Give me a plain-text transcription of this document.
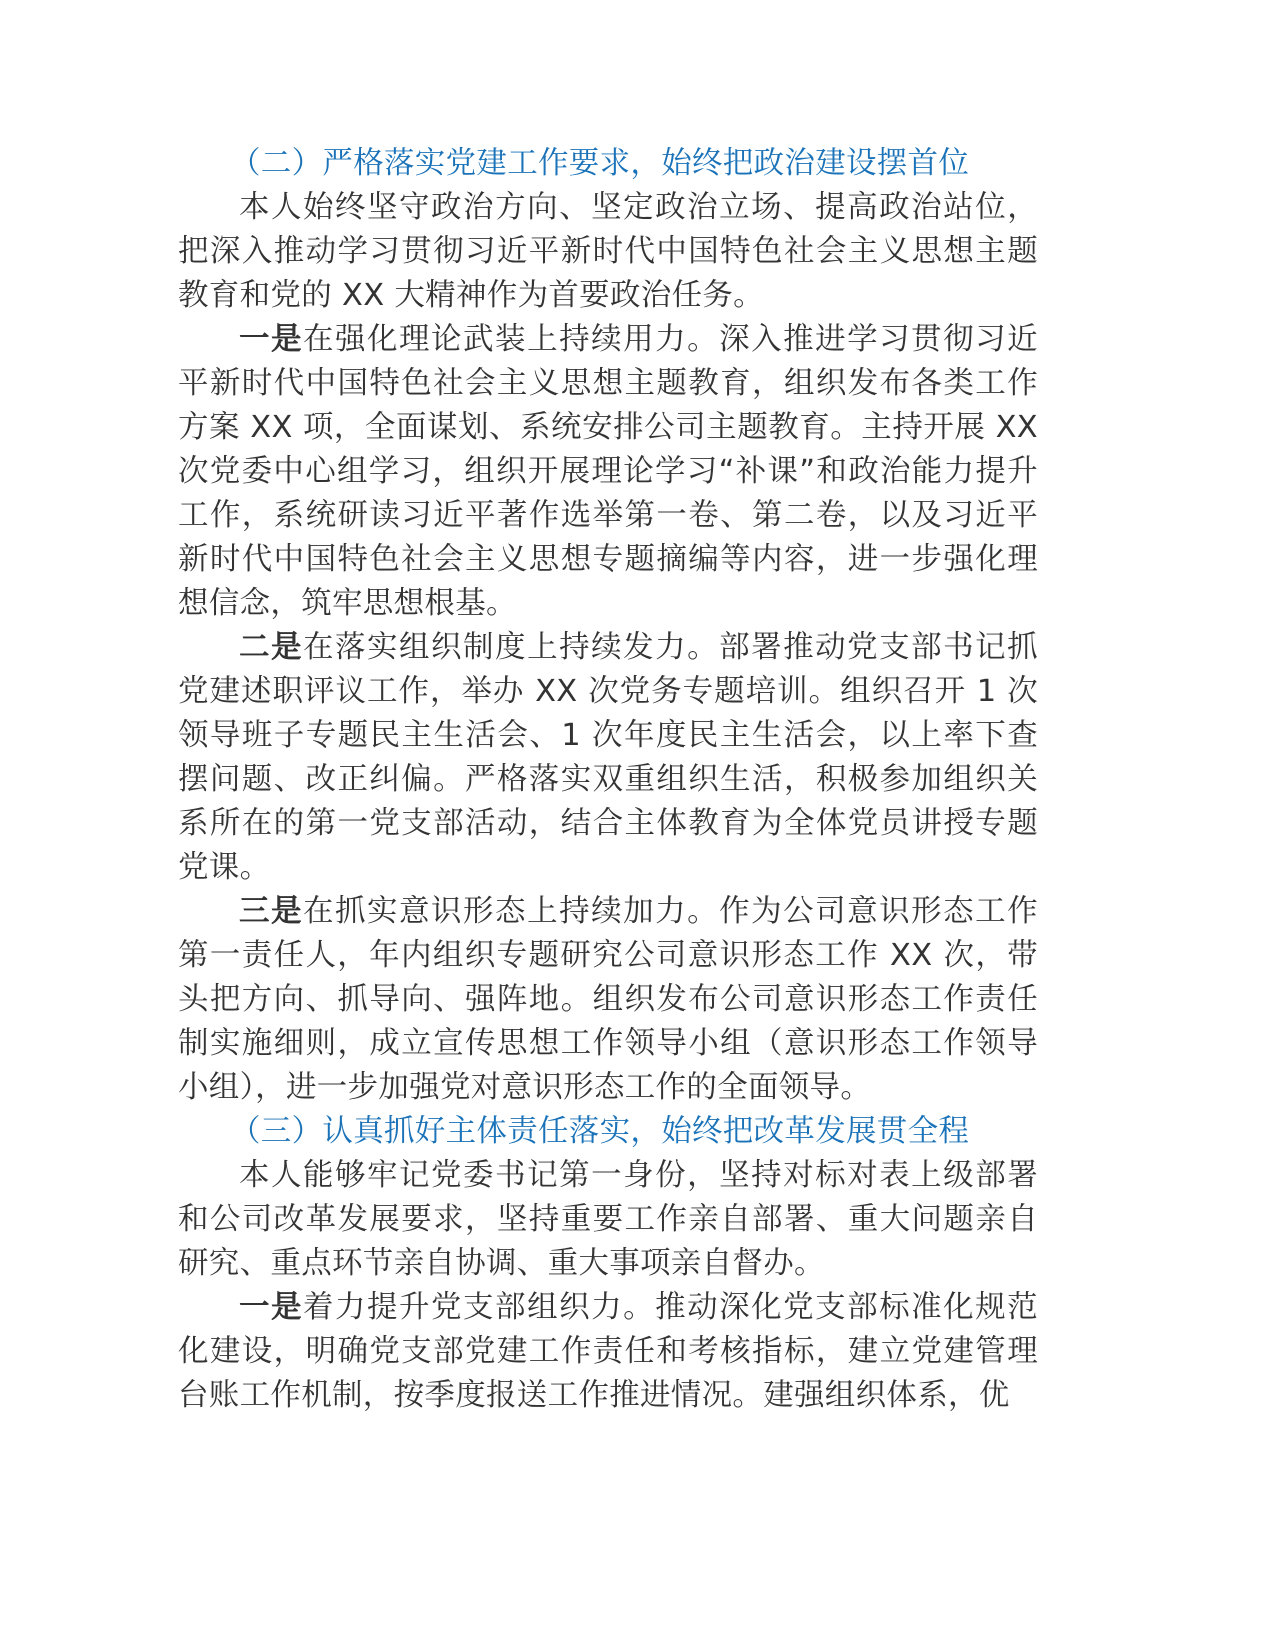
（二）严格落实党建工作要求，始终把政治建设摆首位

本人始终坚守政治方向、坚定政治立场、提高政治站位，把深入推动学习贯彻习近平新时代中国特色社会主义思想主题教育和党的 XX 大精神作为首要政治任务。

一是在强化理论武装上持续用力。深入推进学习贯彻习近平新时代中国特色社会主义思想主题教育，组织发布各类工作方案 XX 项，全面谋划、系统安排公司主题教育。主持开展 XX 次党委中心组学习，组织开展理论学习“补课”和政治能力提升工作，系统研读习近平著作选举第一卷、第二卷，以及习近平新时代中国特色社会主义思想专题摘编等内容，进一步强化理想信念，筑牢思想根基。

二是在落实组织制度上持续发力。部署推动党支部书记抓党建述职评议工作，举办 XX 次党务专题培训。组织召开 1 次领导班子专题民主生活会、1 次年度民主生活会，以上率下查摆问题、改正纠偏。严格落实双重组织生活，积极参加组织关系所在的第一党支部活动，结合主体教育为全体党员讲授专题党课。

三是在抓实意识形态上持续加力。作为公司意识形态工作第一责任人，年内组织专题研究公司意识形态工作 XX 次，带头把方向、抓导向、强阵地。组织发布公司意识形态工作责任制实施细则，成立宣传思想工作领导小组（意识形态工作领导小组），进一步加强党对意识形态工作的全面领导。

（三）认真抓好主体责任落实，始终把改革发展贯全程

本人能够牢记党委书记第一身份，坚持对标对表上级部署和公司改革发展要求，坚持重要工作亲自部署、重大问题亲自研究、重点环节亲自协调、重大事项亲自督办。

一是着力提升党支部组织力。推动深化党支部标准化规范化建设，明确党支部党建工作责任和考核指标，建立党建管理台账工作机制，按季度报送工作推进情况。建强组织体系，优
